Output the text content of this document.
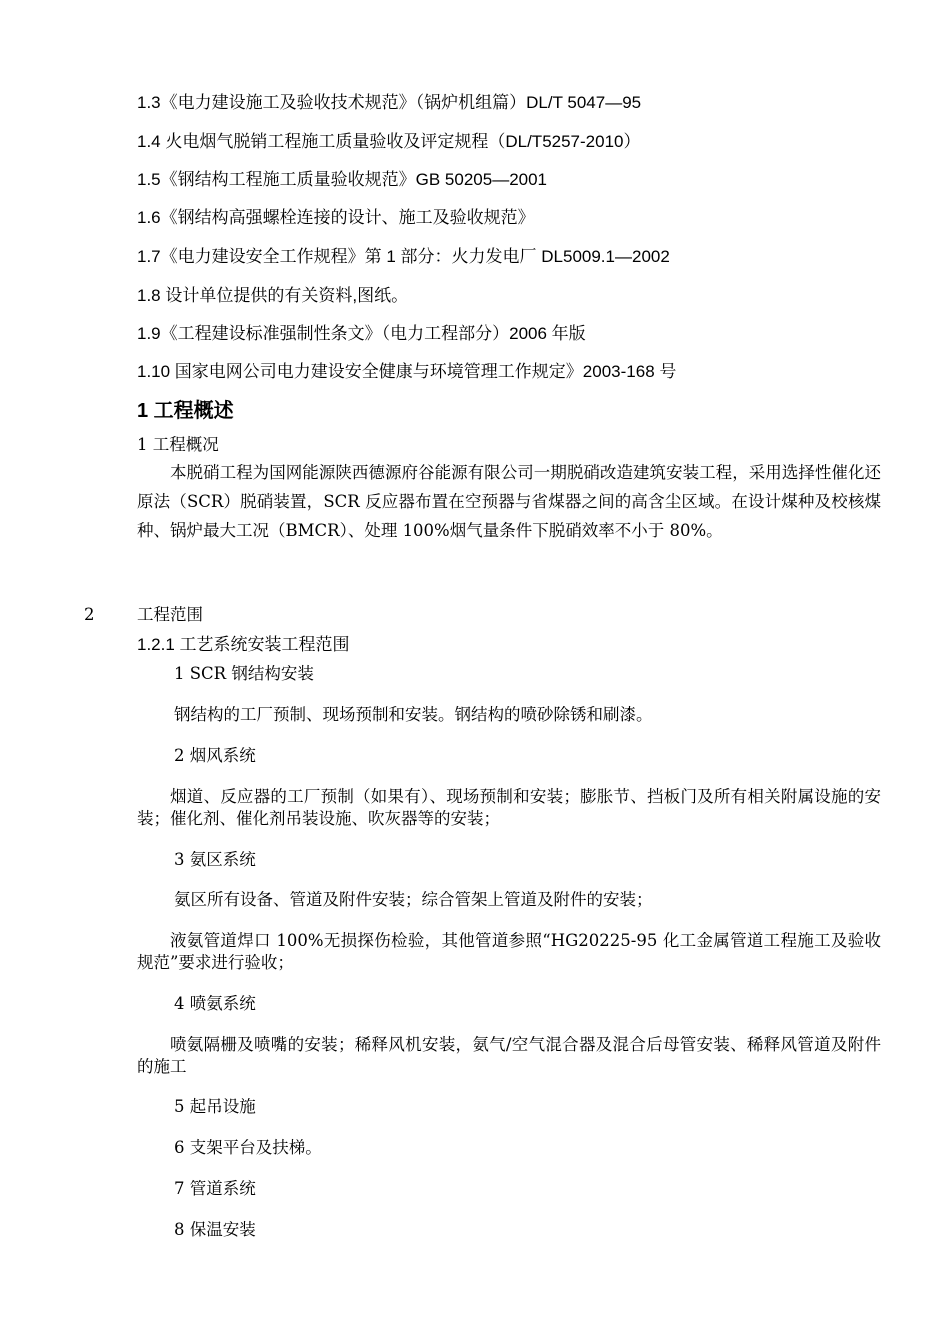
1.3《电力建设施工及验收技术规范》（锅炉机组篇）DL/T 5047—95
1.4 火电烟气脱销工程施工质量验收及评定规程（DL/T5257-2010）
1.5《钢结构工程施工质量验收规范》GB 50205—2001
1.6《钢结构高强螺栓连接的设计、施工及验收规范》
1.7《电力建设安全工作规程》第 1 部分：火力发电厂 DL5009.1—2002
1.8 设计单位提供的有关资料,图纸。
1.9《工程建设标准强制性条文》（电力工程部分）2006 年版
1.10 国家电网公司电力建设安全健康与环境管理工作规定》2003-168 号
1 工程概述
1 工程概况
本脱硝工程为国网能源陕西德源府谷能源有限公司一期脱硝改造建筑安装工程，采用选择性催化还原法（SCR）脱硝装置，SCR 反应器布置在空预器与省煤器之间的高含尘区域。在设计煤种及校核煤种、锅炉最大工况（BMCR）、处理 100%烟气量条件下脱硝效率不小于 80%。
2	工程范围
1.2.1 工艺系统安装工程范围
1 SCR 钢结构安装
钢结构的工厂预制、现场预制和安装。钢结构的喷砂除锈和刷漆。
2 烟风系统
烟道、反应器的工厂预制（如果有）、现场预制和安装；膨胀节、挡板门及所有相关附属设施的安装；催化剂、催化剂吊装设施、吹灰器等的安装；
3 氨区系统
氨区所有设备、管道及附件安装；综合管架上管道及附件的安装；
液氨管道焊口 100%无损探伤检验，其他管道参照“HG20225-95 化工金属管道工程施工及验收规范”要求进行验收；
4 喷氨系统
喷氨隔栅及喷嘴的安装；稀释风机安装，氨气/空气混合器及混合后母管安装、稀释风管道及附件的施工
5 起吊设施
6 支架平台及扶梯。
7 管道系统
8 保温安装
